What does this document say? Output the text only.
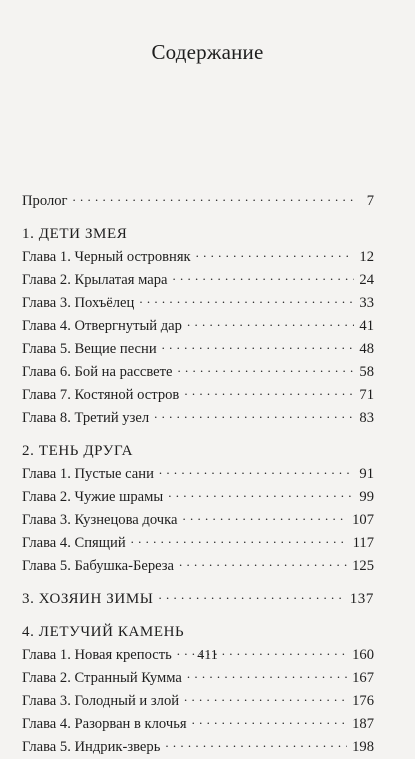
Содержание
Пролог . . .	7
1. ДЕТИ ЗМЕЯ
Глава 1. Черный островняк . . .	12
Глава 2. Крылатая мара . . .	24
Глава 3. Похъёлец . . .	33
Глава 4. Отвергнутый дар . . .	41
Глава 5. Вещие песни . . .	48
Глава 6. Бой на рассвете . . .	58
Глава 7. Костяной остров . . .	71
Глава 8. Третий узел . . .	83
2. ТЕНЬ ДРУГА
Глава 1. Пустые сани . . .	91
Глава 2. Чужие шрамы . . .	99
Глава 3. Кузнецова дочка . . .	107
Глава 4. Спящий . . .	117
Глава 5. Бабушка-Береза . . .	125
3. ХОЗЯИН ЗИМЫ . . .	137
4. ЛЕТУЧИЙ КАМЕНЬ
Глава 1. Новая крепость . . .	160
Глава 2. Странный Кумма . . .	167
Глава 3. Голодный и злой . . .	176
Глава 4. Разорван в клочья . . .	187
Глава 5. Индрик-зверь . . .	198
411
